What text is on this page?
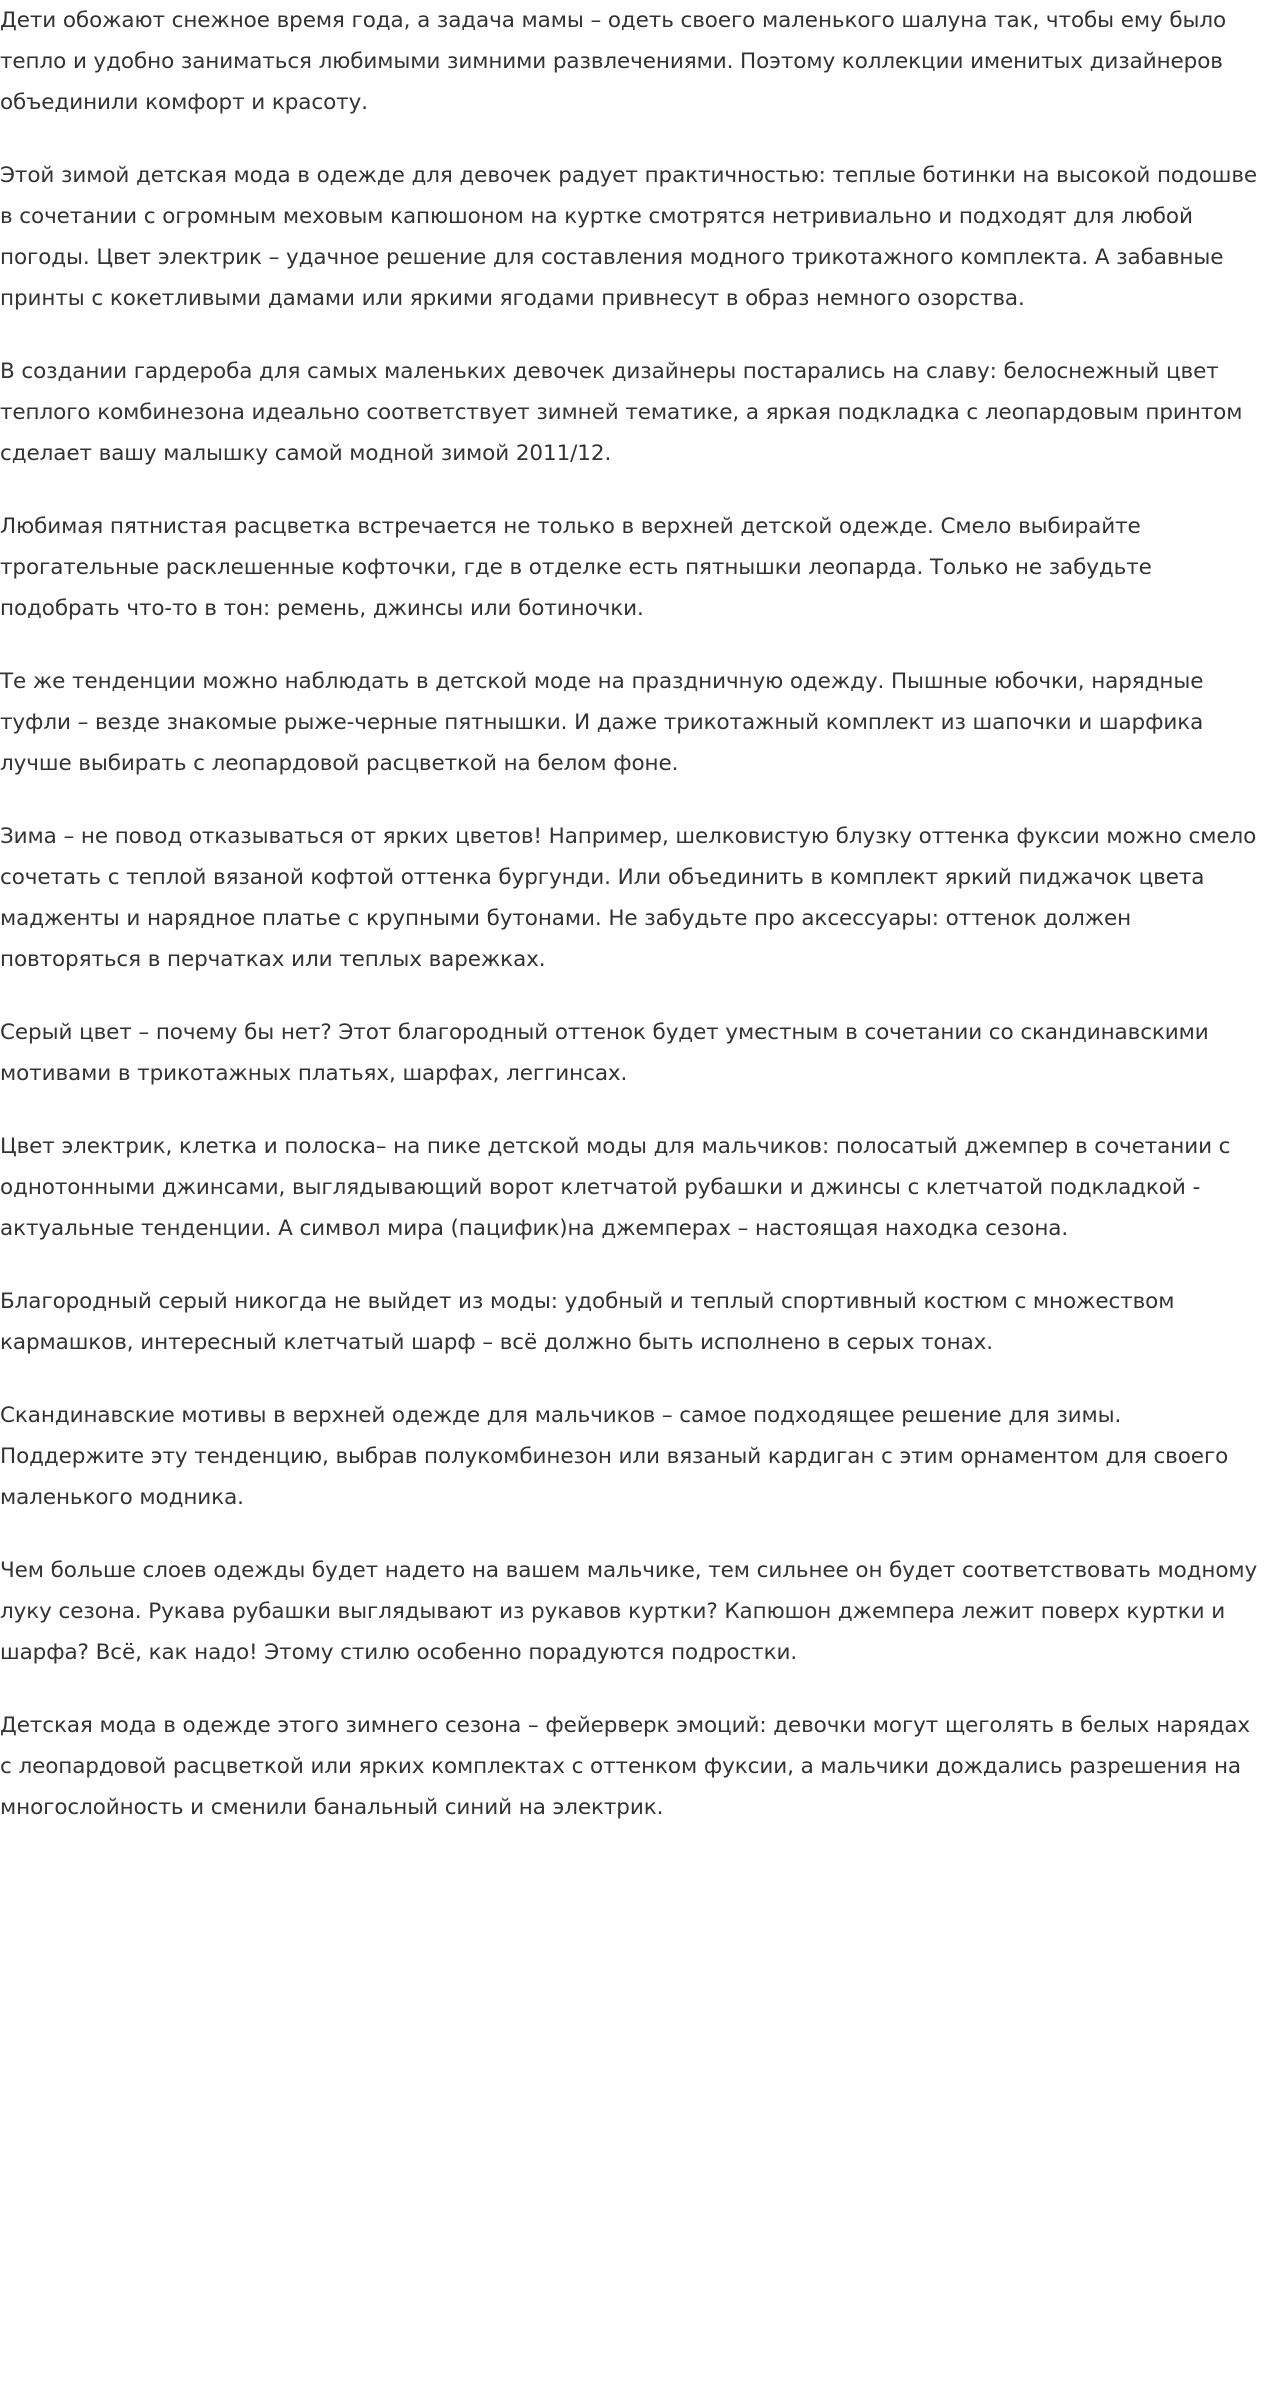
Дети обожают снежное время года, а задача мамы – одеть своего маленького шалуна так, чтобы ему было тепло и удобно заниматься любимыми зимними развлечениями. Поэтому коллекции именитых дизайнеров объединили комфорт и красоту.

Этой зимой детская мода в одежде для девочек радует практичностью: теплые ботинки на высокой подошве в сочетании с огромным меховым капюшоном на куртке смотрятся нетривиально и подходят для любой погоды. Цвет электрик – удачное решение для составления модного трикотажного комплекта. А забавные принты с кокетливыми дамами или яркими ягодами привнесут в образ немного озорства.

В создании гардероба для самых маленьких девочек дизайнеры постарались на славу: белоснежный цвет теплого комбинезона идеально соответствует зимней тематике, а яркая подкладка с леопардовым принтом сделает вашу малышку самой модной зимой 2011/12.

Любимая пятнистая расцветка встречается не только в верхней детской одежде. Смело выбирайте трогательные расклешенные кофточки, где в отделке есть пятнышки леопарда. Только не забудьте подобрать что-то в тон: ремень, джинсы или ботиночки.

Те же тенденции можно наблюдать в детской моде на праздничную одежду. Пышные юбочки, нарядные туфли – везде знакомые рыже-черные пятнышки. И даже трикотажный комплект из шапочки и шарфика лучше выбирать с леопардовой расцветкой на белом фоне.

Зима – не повод отказываться от ярких цветов! Например, шелковистую блузку оттенка фуксии можно смело сочетать с теплой вязаной кофтой оттенка бургунди. Или объединить в комплект яркий пиджачок цвета мадженты и нарядное платье с крупными бутонами. Не забудьте про аксессуары: оттенок должен повторяться в перчатках или теплых варежках.

Серый цвет – почему бы нет? Этот благородный оттенок будет уместным в сочетании со скандинавскими мотивами в трикотажных платьях, шарфах, леггинсах.

Цвет электрик, клетка и полоска– на пике детской моды для мальчиков: полосатый джемпер в сочетании с однотонными джинсами, выглядывающий ворот клетчатой рубашки и джинсы с клетчатой подкладкой - актуальные тенденции. А символ мира (пацифик)на джемперах – настоящая находка сезона.

Благородный серый никогда не выйдет из моды: удобный и теплый спортивный костюм с множеством кармашков, интересный клетчатый шарф – всё должно быть исполнено в серых тонах.

Скандинавские мотивы в верхней одежде для мальчиков – самое подходящее решение для зимы. Поддержите эту тенденцию, выбрав полукомбинезон или вязаный кардиган с этим орнаментом для своего маленького модника.

Чем больше слоев одежды будет надето на вашем мальчике, тем сильнее он будет соответствовать модному луку сезона. Рукава рубашки выглядывают из рукавов куртки? Капюшон джемпера лежит поверх куртки и шарфа? Всё, как надо! Этому стилю особенно порадуются подростки.

Детская мода в одежде этого зимнего сезона – фейерверк эмоций: девочки могут щеголять в белых нарядах с леопардовой расцветкой или ярких комплектах с оттенком фуксии, а мальчики дождались разрешения на многослойность и сменили банальный синий на электрик.
